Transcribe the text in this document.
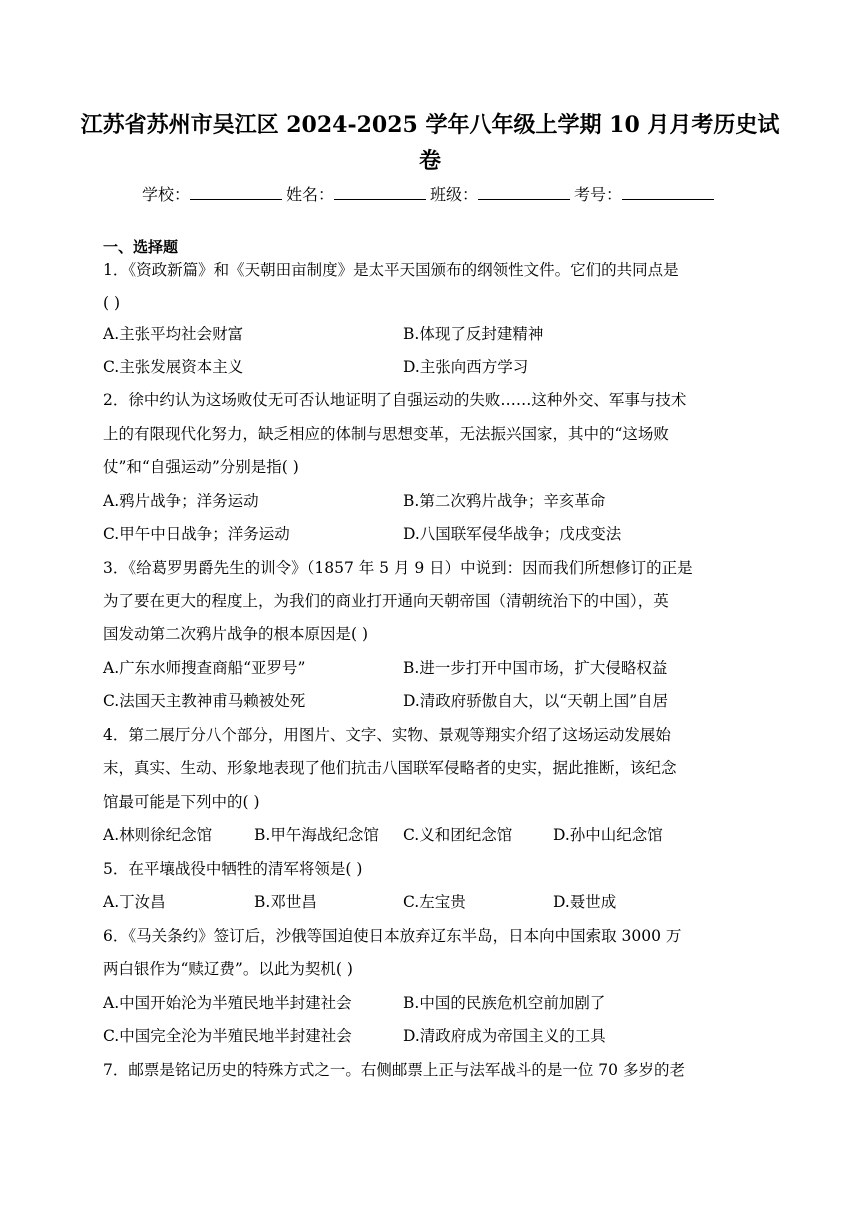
江苏省苏州市吴江区 2024-2025 学年八年级上学期 10 月月考历史试
卷
学校：	姓名：	班级：	考号：
一、选择题
1．《资政新篇》和《天朝田亩制度》是太平天国颁布的纲领性文件。它们的共同点是
( )
A.主张平均社会财富	B.体现了反封建精神
C.主张发展资本主义	D.主张向西方学习
2．徐中约认为这场败仗无可否认地证明了自强运动的失败……这种外交、军事与技术
上的有限现代化努力，缺乏相应的体制与思想变革，无法振兴国家，其中的“这场败
仗”和“自强运动”分别是指( )
A.鸦片战争；洋务运动	B.第二次鸦片战争；辛亥革命
C.甲午中日战争；洋务运动	D.八国联军侵华战争；戊戌变法
3．《给葛罗男爵先生的训令》（1857 年 5 月 9 日）中说到：因而我们所想修订的正是
为了要在更大的程度上，为我们的商业打开通向天朝帝国（清朝统治下的中国），英
国发动第二次鸦片战争的根本原因是( )
A.广东水师搜查商船“亚罗号”	B.进一步打开中国市场，扩大侵略权益
C.法国天主教神甫马赖被处死	D.清政府骄傲自大，以“天朝上国”自居
4．第二展厅分八个部分，用图片、文字、实物、景观等翔实介绍了这场运动发展始
末，真实、生动、形象地表现了他们抗击八国联军侵略者的史实，据此推断，该纪念
馆最可能是下列中的( )
A.林则徐纪念馆	B.甲午海战纪念馆 C.义和团纪念馆	D.孙中山纪念馆
5．在平壤战役中牺牲的清军将领是( )
A.丁汝昌	B.邓世昌	C.左宝贵	D.聂世成
6．《马关条约》签订后，沙俄等国迫使日本放弃辽东半岛，日本向中国索取 3000 万
两白银作为“赎辽费”。以此为契机( )
A.中国开始沦为半殖民地半封建社会	B.中国的民族危机空前加剧了
C.中国完全沦为半殖民地半封建社会	D.清政府成为帝国主义的工具
7．邮票是铭记历史的特殊方式之一。右侧邮票上正与法军战斗的是一位 70 多岁的老
